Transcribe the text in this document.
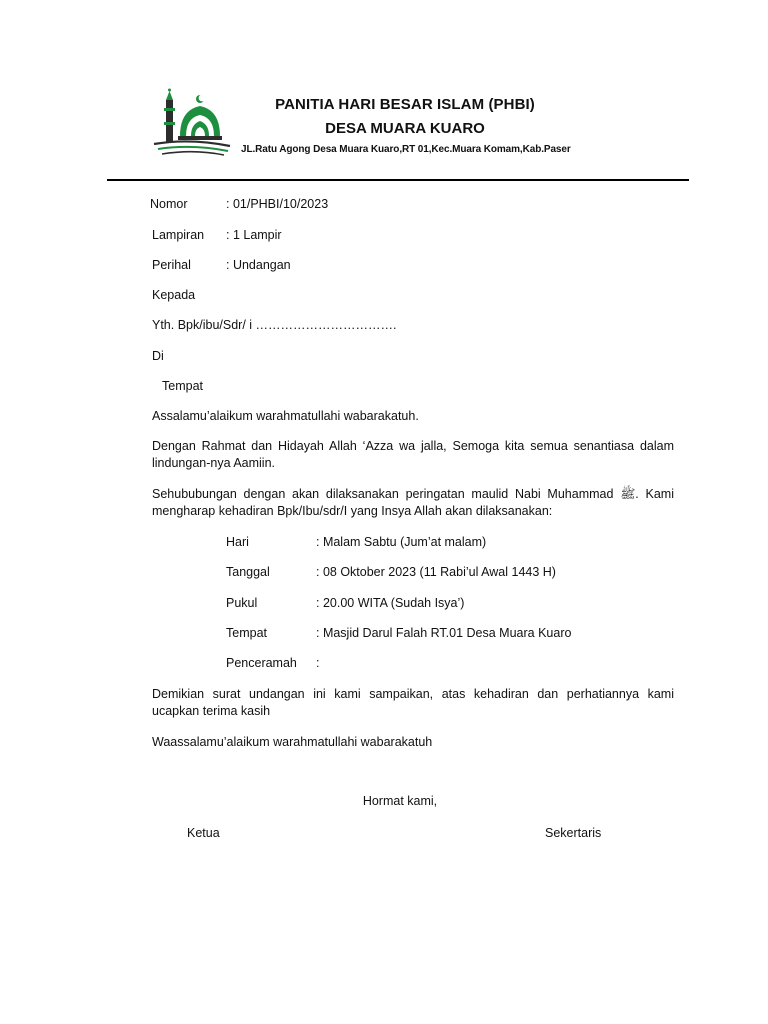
PANITIA HARI BESAR ISLAM (PHBI)
DESA MUARA KUARO
JL.Ratu Agong Desa Muara Kuaro,RT 01,Kec.Muara Komam,Kab.Paser
Nomor	: 01/PHBI/10/2023
Lampiran : 1 Lampir
Perihal	: Undangan
Kepada
Yth. Bpk/ibu/Sdr/ i …………………………….
Di
Tempat
Assalamu’alaikum warahmatullahi wabarakatuh.
Dengan Rahmat dan Hidayah Allah ‘Azza wa jalla, Semoga kita semua senantiasa dalam
lindungan-nya Aamiin.
Sehububungan dengan akan dilaksanakan peringatan maulid Nabi Muhammad ﷺ. Kami
mengharap kehadiran Bpk/Ibu/sdr/I yang Insya Allah akan dilaksanakan:
Hari	: Malam Sabtu (Jum’at malam)
Tanggal	: 08 Oktober 2023 (11 Rabi’ul Awal 1443 H)
Pukul	: 20.00 WITA (Sudah Isya’)
Tempat	: Masjid Darul Falah RT.01 Desa Muara Kuaro
Penceramah :
Demikian surat undangan ini kami sampaikan, atas kehadiran dan perhatiannya kami
ucapkan terima kasih
Waassalamu’alaikum warahmatullahi wabarakatuh
Hormat kami,
Ketua	Sekertaris
